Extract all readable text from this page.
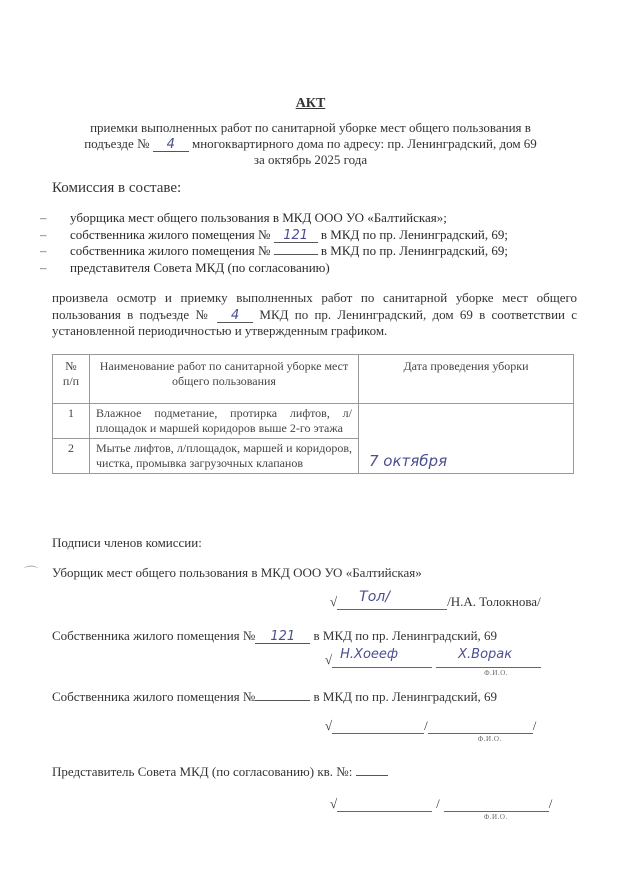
АКТ
приемки выполненных работ по санитарной уборке мест общего пользования в
подъезде № 4 многоквартирного дома по адресу: пр. Ленинградский, дом 69
за октябрь 2025 года
Комиссия в составе:
–	уборщика мест общего пользования в МКД ООО УО «Балтийская»;
–	собственника жилого помещения № 121 в МКД по пр. Ленинградский, 69;
–	собственника жилого помещения №	в МКД по пр. Ленинградский, 69;
–	представителя Совета МКД (по согласованию)
произвела осмотр и приемку выполненных работ по санитарной уборке мест общего пользования в подъезде № 4 МКД по пр. Ленинградский, дом 69 в соответствии с установленной периодичностью и утвержденным графиком.
№ п/п	Наименование работ по санитарной уборке мест общего пользования	Дата проведения уборки
1	Влажное подметание, протирка лифтов, л/площадок и маршей коридоров выше 2-го этажа	7 октября

2	Мытье лифтов, л/площадок, маршей и коридоров, чистка, промывка загрузочных клапанов	
Подписи членов комиссии:
⌒ Уборщик мест общего пользования в МКД ООО УО «Балтийская»
√ Тол/	/Н.А. Толокнова/
Собственника жилого помещения № 121 в МКД по пр. Ленинградский, 69
√ Н.Хоееф	Х.Ворак
Ф.И.О.
Собственника жилого помещения №	в МКД по пр. Ленинградский, 69
√	/
Ф.И.О.
/
Представитель Совета МКД (по согласованию) кв. №:
√	/
Ф.И.О.
/
